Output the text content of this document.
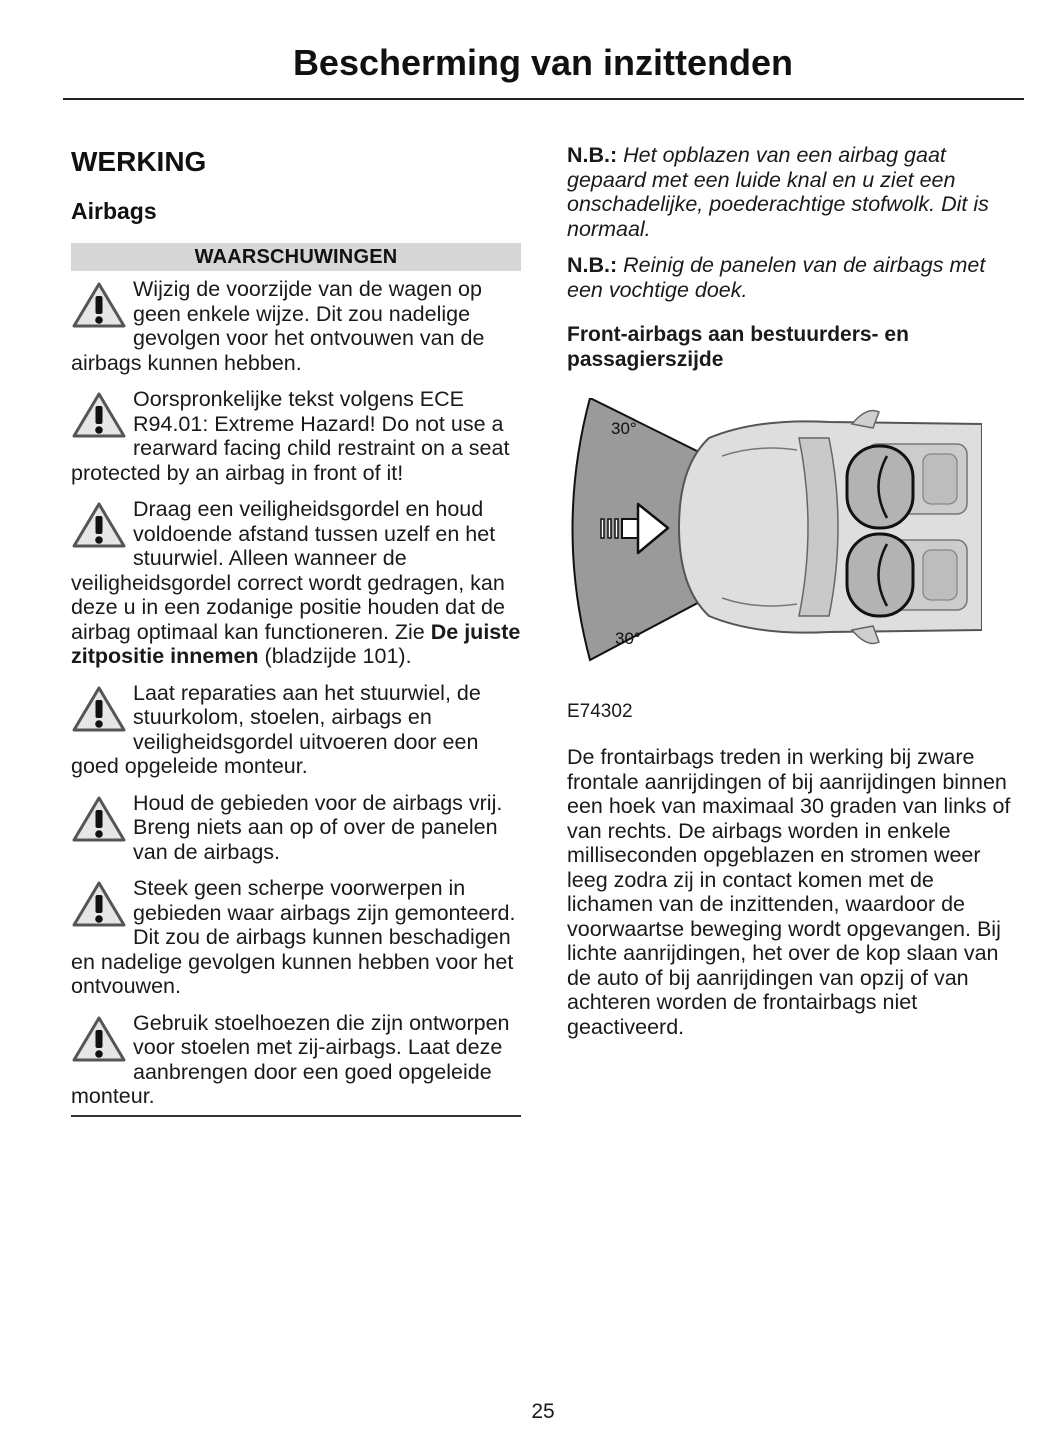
Bescherming van inzittenden
WERKING
Airbags
WAARSCHUWINGEN

Wijzig de voorzijde van de wagen op geen enkele wijze. Dit zou nadelige gevolgen voor het ontvouwen van de airbags kunnen hebben.

Oorspronkelijke tekst volgens ECE R94.01: Extreme Hazard! Do not use a rearward facing child restraint on a seat protected by an airbag in front of it!

Draag een veiligheidsgordel en houd voldoende afstand tussen uzelf en het stuurwiel. Alleen wanneer de veiligheidsgordel correct wordt gedragen, kan deze u in een zodanige positie houden dat de airbag optimaal kan functioneren. Zie De juiste zitpositie innemen (bladzijde 101).

Laat reparaties aan het stuurwiel, de stuurkolom, stoelen, airbags en veiligheidsgordel uitvoeren door een goed opgeleide monteur.

Houd de gebieden voor de airbags vrij. Breng niets aan op of over de panelen van de airbags.

Steek geen scherpe voorwerpen in gebieden waar airbags zijn gemonteerd. Dit zou de airbags kunnen beschadigen en nadelige gevolgen kunnen hebben voor het ontvouwen.

Gebruik stoelhoezen die zijn ontworpen voor stoelen met zij-airbags. Laat deze aanbrengen door een goed opgeleide monteur.

N.B.: Het opblazen van een airbag gaat gepaard met een luide knal en u ziet een onschadelijke, poederachtige stofwolk. Dit is normaal.

N.B.: Reinig de panelen van de airbags met een vochtige doek.

Front-airbags aan bestuurders- en passagierszijde
30°
30°
E74302

De frontairbags treden in werking bij zware frontale aanrijdingen of bij aanrijdingen binnen een hoek van maximaal 30 graden van links of van rechts. De airbags worden in enkele milliseconden opgeblazen en stromen weer leeg zodra zij in contact komen met de lichamen van de inzittenden, waardoor de voorwaartse beweging wordt opgevangen. Bij lichte aanrijdingen, het over de kop slaan van de auto of bij aanrijdingen van opzij of van achteren worden de frontairbags niet geactiveerd.

25
